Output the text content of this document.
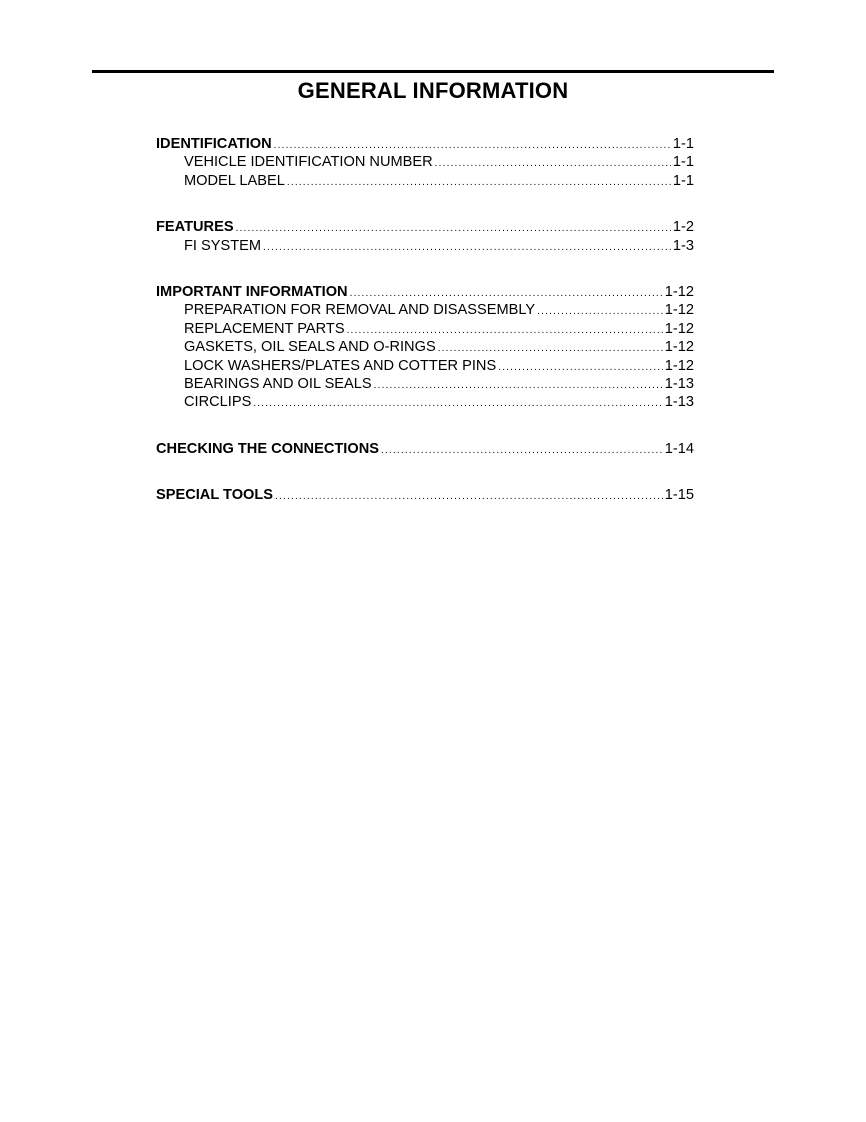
GENERAL INFORMATION
IDENTIFICATION .....	1-1
VEHICLE IDENTIFICATION NUMBER .....	1-1
MODEL LABEL .....	1-1
FEATURES .....	1-2
FI SYSTEM .....	1-3
IMPORTANT INFORMATION .....	1-12
PREPARATION FOR REMOVAL AND DISASSEMBLY .....	1-12
REPLACEMENT PARTS .....	1-12
GASKETS, OIL SEALS AND O-RINGS .....	1-12
LOCK WASHERS/PLATES AND COTTER PINS .....	1-12
BEARINGS AND OIL SEALS .....	1-13
CIRCLIPS .....	1-13
CHECKING THE CONNECTIONS .....	1-14
SPECIAL TOOLS .....	1-15
